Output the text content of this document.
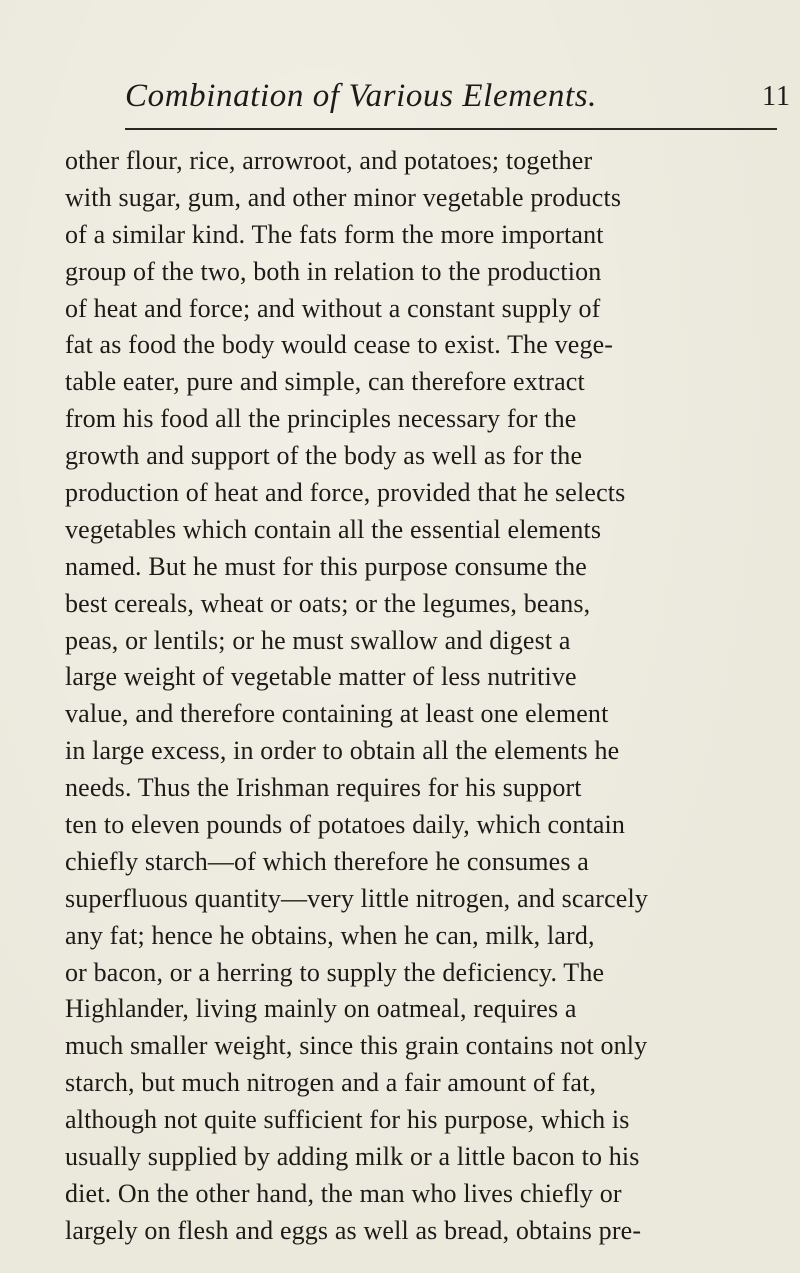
Combination of Various Elements.	11
other flour, rice, arrowroot, and potatoes; together
with sugar, gum, and other minor vegetable products
of a similar kind. The fats form the more important
group of the two, both in relation to the production
of heat and force; and without a constant supply of
fat as food the body would cease to exist. The vege-
table eater, pure and simple, can therefore extract
from his food all the principles necessary for the
growth and support of the body as well as for the
production of heat and force, provided that he selects
vegetables which contain all the essential elements
named. But he must for this purpose consume the
best cereals, wheat or oats; or the legumes, beans,
peas, or lentils; or he must swallow and digest a
large weight of vegetable matter of less nutritive
value, and therefore containing at least one element
in large excess, in order to obtain all the elements he
needs. Thus the Irishman requires for his support
ten to eleven pounds of potatoes daily, which contain
chiefly starch—of which therefore he consumes a
superfluous quantity—very little nitrogen, and scarcely
any fat; hence he obtains, when he can, milk, lard,
or bacon, or a herring to supply the deficiency. The
Highlander, living mainly on oatmeal, requires a
much smaller weight, since this grain contains not only
starch, but much nitrogen and a fair amount of fat,
although not quite sufficient for his purpose, which is
usually supplied by adding milk or a little bacon to his
diet. On the other hand, the man who lives chiefly or
largely on flesh and eggs as well as bread, obtains pre-
